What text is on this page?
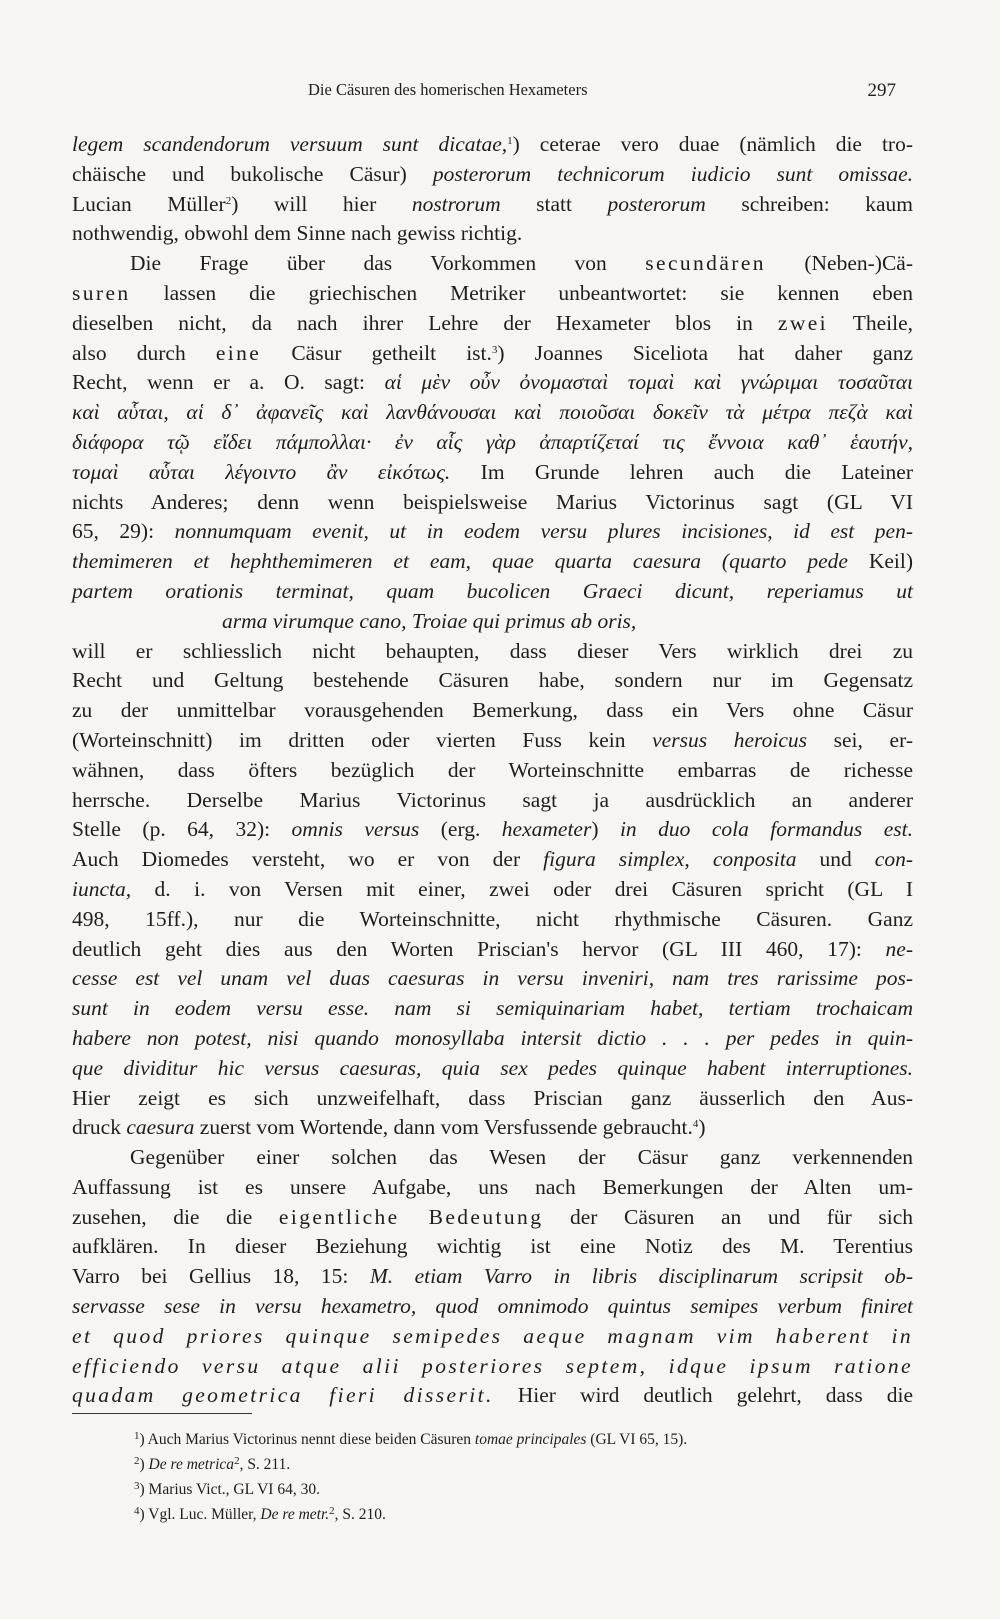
Die Cäsuren des homerischen Hexameters	297
legem scandendorum versuum sunt dicatae,$^1$) ceterae vero duae (nämlich die tro-
chäische und bukolische Cäsur) posterorum technicorum iudicio sunt omissae.
Lucian Müller$^2$) will hier nostrorum statt posterorum schreiben: kaum
nothwendig, obwohl dem Sinne nach gewiss richtig.
Die Frage über das Vorkommen von secundären (Neben-)Cä-
suren lassen die griechischen Metriker unbeantwortet: sie kennen eben
dieselben nicht, da nach ihrer Lehre der Hexameter blos in zwei Theile,
also durch eine Cäsur getheilt ist.$^3$) Joannes Siceliota hat daher ganz
Recht, wenn er a. O. sagt: αἱ μὲν οὖν ὀνομασταὶ τομαὶ καὶ γνώριμαι τοσαῦται
καὶ αὗται, αἱ δ᾽ ἀφανεῖς καὶ λανθάνουσαι καὶ ποιοῦσαι δοκεῖν τὰ μέτρα πεζὰ καὶ
διάφορα τῷ εἴδει πάμπολλαι· ἐν αἷς γὰρ ἀπαρτίζεταί τις ἔννοια καθ᾽ ἑαυτήν,
τομαὶ αὗται λέγοιντο ἂν εἰκότως. Im Grunde lehren auch die Lateiner
nichts Anderes; denn wenn beispielsweise Marius Victorinus sagt (GL VI
65, 29): nonnumquam evenit, ut in eodem versu plures incisiones, id est pen-
themimeren et hephthemimeren et eam, quae quarta caesura (quarto pede Keil)
partem orationis terminat, quam bucolicen Graeci dicunt, reperiamus ut
arma virumque cano, Troiae qui primus ab oris,
will er schliesslich nicht behaupten, dass dieser Vers wirklich drei zu
Recht und Geltung bestehende Cäsuren habe, sondern nur im Gegensatz
zu der unmittelbar vorausgehenden Bemerkung, dass ein Vers ohne Cäsur
(Worteinschnitt) im dritten oder vierten Fuss kein versus heroicus sei, er-
wähnen, dass öfters bezüglich der Worteinschnitte embarras de richesse
herrsche. Derselbe Marius Victorinus sagt ja ausdrücklich an anderer
Stelle (p. 64, 32): omnis versus (erg. hexameter) in duo cola formandus est.
Auch Diomedes versteht, wo er von der figura simplex, conposita und con-
iuncta, d. i. von Versen mit einer, zwei oder drei Cäsuren spricht (GL I
498, 15ff.), nur die Worteinschnitte, nicht rhythmische Cäsuren. Ganz
deutlich geht dies aus den Worten Priscian's hervor (GL III 460, 17): ne-
cesse est vel unam vel duas caesuras in versu inveniri, nam tres rarissime pos-
sunt in eodem versu esse. nam si semiquinariam habet, tertiam trochaicam
habere non potest, nisi quando monosyllaba intersit dictio . . . per pedes in quin-
que dividitur hic versus caesuras, quia sex pedes quinque habent interruptiones.
Hier zeigt es sich unzweifelhaft, dass Priscian ganz äusserlich den Aus-
druck caesura zuerst vom Wortende, dann vom Versfussende gebraucht.$^4$)
Gegenüber einer solchen das Wesen der Cäsur ganz verkennenden
Auffassung ist es unsere Aufgabe, uns nach Bemerkungen der Alten um-
zusehen, die die eigentliche Bedeutung der Cäsuren an und für sich
aufklären. In dieser Beziehung wichtig ist eine Notiz des M. Terentius
Varro bei Gellius 18, 15: M. etiam Varro in libris disciplinarum scripsit ob-
servasse sese in versu hexametro, quod omnimodo quintus semipes verbum finiret
et quod priores quinque semipedes aeque magnam vim haberent in
efficiendo versu atque alii posteriores septem, idque ipsum ratione
quadam geometrica fieri disserit. Hier wird deutlich gelehrt, dass die
$^1$) Auch Marius Victorinus nennt diese beiden Cäsuren tomae principales (GL VI 65, 15).
$^2$) De re metrica$^2$, S. 211.
$^3$) Marius Vict., GL VI 64, 30.
$^4$) Vgl. Luc. Müller, De re metr.$^2$, S. 210.
